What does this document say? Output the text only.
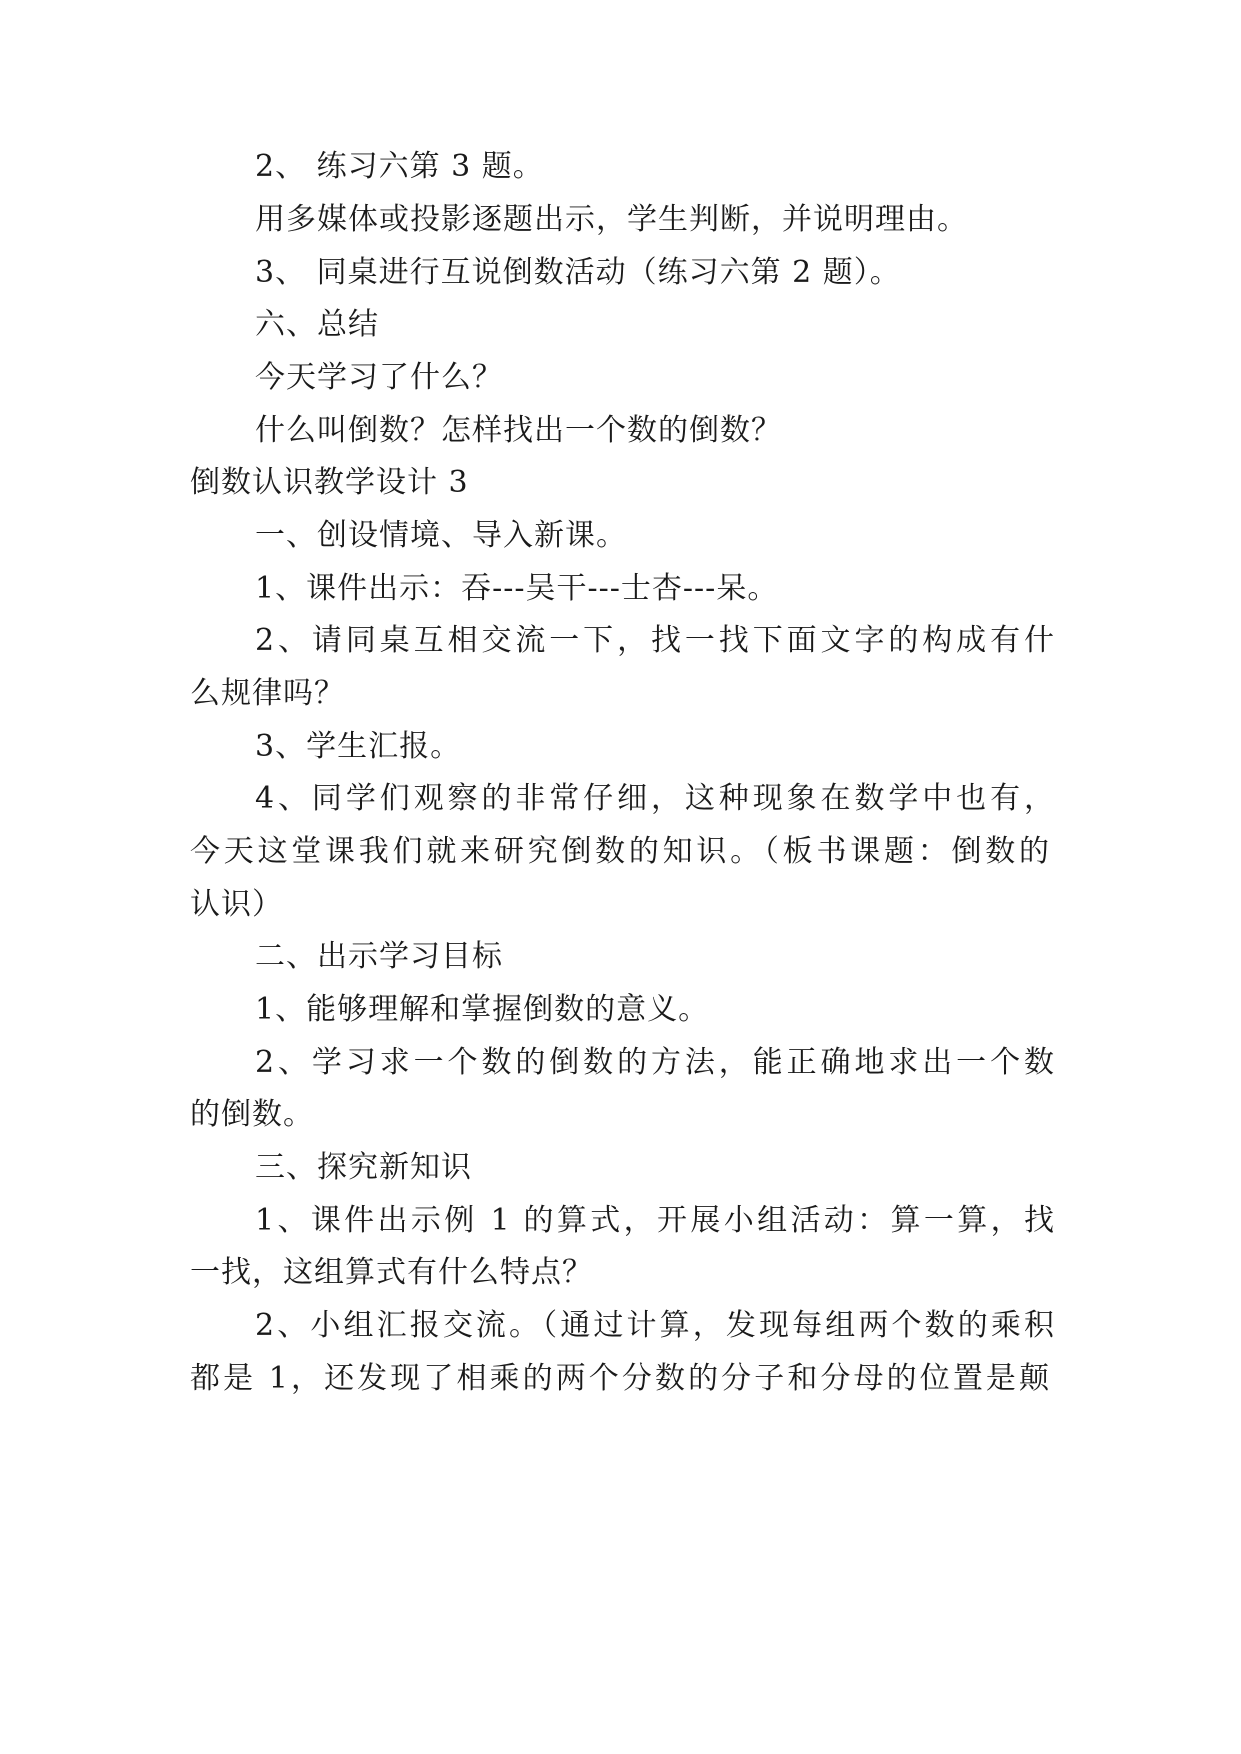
2、 练习六第 3 题。
用多媒体或投影逐题出示，学生判断，并说明理由。
3、 同桌进行互说倒数活动（练习六第 2 题）。
六、总结
今天学习了什么？
什么叫倒数？怎样找出一个数的倒数？
倒数认识教学设计 3
一、创设情境、导入新课。
1、课件出示：吞---吴干---士杏---呆。
2、请同桌互相交流一下，找一找下面文字的构成有什
么规律吗？
3、学生汇报。
4、同学们观察的非常仔细，这种现象在数学中也有，
今天这堂课我们就来研究倒数的知识。（板书课题：倒数的
认识）
二、出示学习目标
1、能够理解和掌握倒数的意义。
2、学习求一个数的倒数的方法，能正确地求出一个数
的倒数。
三、探究新知识
1、课件出示例 1 的算式，开展小组活动：算一算，找
一找，这组算式有什么特点？
2、小组汇报交流。（通过计算，发现每组两个数的乘积
都是 1，还发现了相乘的两个分数的分子和分母的位置是颠
